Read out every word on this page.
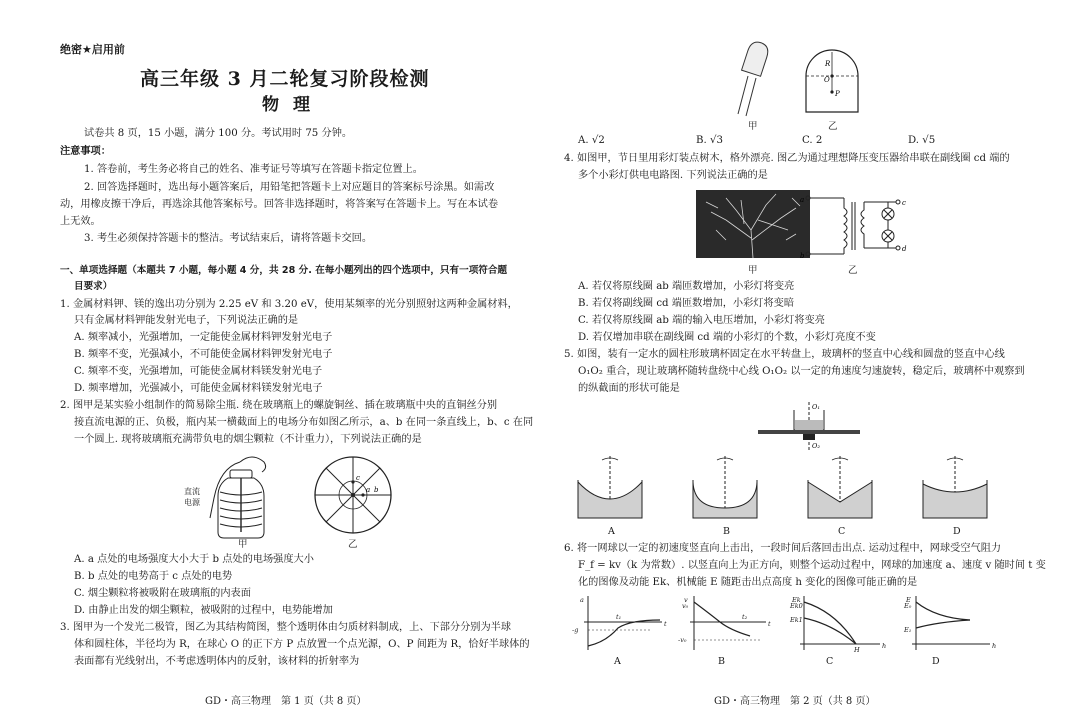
绝密★启用前
高三年级 3 月二轮复习阶段检测
物理
试卷共 8 页，15 小题，满分 100 分。考试用时 75 分钟。
注意事项：
1. 答卷前，考生务必将自己的姓名、准考证号等填写在答题卡指定位置上。
2. 回答选择题时，选出每小题答案后，用铅笔把答题卡上对应题目的答案标号涂黑。如需改
动，用橡皮擦干净后，再选涂其他答案标号。回答非选择题时，将答案写在答题卡上。写在本试卷
上无效。
3. 考生必须保持答题卡的整洁。考试结束后，请将答题卡交回。
一、单项选择题（本题共 7 小题，每小题 4 分，共 28 分. 在每小题列出的四个选项中，只有一项符合题
目要求）
1. 金属材料钾、镁的逸出功分别为 2.25 eV 和 3.20 eV，使用某频率的光分别照射这两种金属材料，
只有金属材料钾能发射光电子，下列说法正确的是
A. 频率减小，光强增加，一定能使金属材料钾发射光电子
B. 频率不变，光强减小，不可能使金属材料钾发射光电子
C. 频率不变，光强增加，可能使金属材料镁发射光电子
D. 频率增加，光强减小，可能使金属材料镁发射光电子
2. 图甲是某实验小组制作的简易除尘瓶. 绕在玻璃瓶上的螺旋铜丝、插在玻璃瓶中央的直铜丝分别
接直流电源的正、负极，瓶内某一横截面上的电场分布如图乙所示，a、b 在同一条直线上，b、c 在同
一个圆上. 现将玻璃瓶充满带负电的烟尘颗粒（不计重力），下列说法正确的是
直流
电源
甲
a b
c
乙
A. a 点处的电场强度大小大于 b 点处的电场强度大小
B. b 点处的电势高于 c 点处的电势
C. 烟尘颗粒将被吸附在玻璃瓶的内表面
D. 由静止出发的烟尘颗粒，被吸附的过程中，电势能增加
3. 图甲为一个发光二极管，图乙为其结构简图，整个透明体由匀质材料制成，上、下部分分别为半球
体和圆柱体，半径均为 R，在球心 O 的正下方 P 点放置一个点光源，O、P 间距为 R，恰好半球体的
表面都有光线射出，不考虑透明体内的反射，该材料的折射率为
GD・高三物理　第 1 页（共 8 页）
甲
R
O
P
乙
A. √2	B. √3	C. 2	D. √5
4. 如图甲，节日里用彩灯装点树木，格外漂亮. 图乙为通过理想降压变压器给串联在副线圈 cd 端的
多个小彩灯供电电路图. 下列说法正确的是
甲
a
b
c
d
乙
A. 若仅将原线圈 ab 端匝数增加，小彩灯将变亮
B. 若仅将副线圈 cd 端匝数增加，小彩灯将变暗
C. 若仅将原线圈 ab 端的输入电压增加，小彩灯将变亮
D. 若仅增加串联在副线圈 cd 端的小彩灯的个数，小彩灯亮度不变
5. 如图，装有一定水的圆柱形玻璃杯固定在水平转盘上，玻璃杯的竖直中心线和圆盘的竖直中心线
O₁O₂ 重合，现让玻璃杯随转盘绕中心线 O₁O₂ 以一定的角速度匀速旋转，稳定后，玻璃杯中观察到
的纵截面的形状可能是
O₁
O₂
A	B	C	D
6. 将一网球以一定的初速度竖直向上击出，一段时间后落回击出点. 运动过程中，网球受空气阻力
F_f = kv（k 为常数）. 以竖直向上为正方向，则整个运动过程中，网球的加速度 a、速度 v 随时间 t 变
化的图像及动能 Ek、机械能 E 随距击出点高度 h 变化的图像可能正确的是
a
t
v
t
Ek
h
E
h
-g
v₀
-v₀
t₁	t₂
Ek0
Ek1
H
E₀
E₁
A	B	C	D
GD・高三物理　第 2 页（共 8 页）
